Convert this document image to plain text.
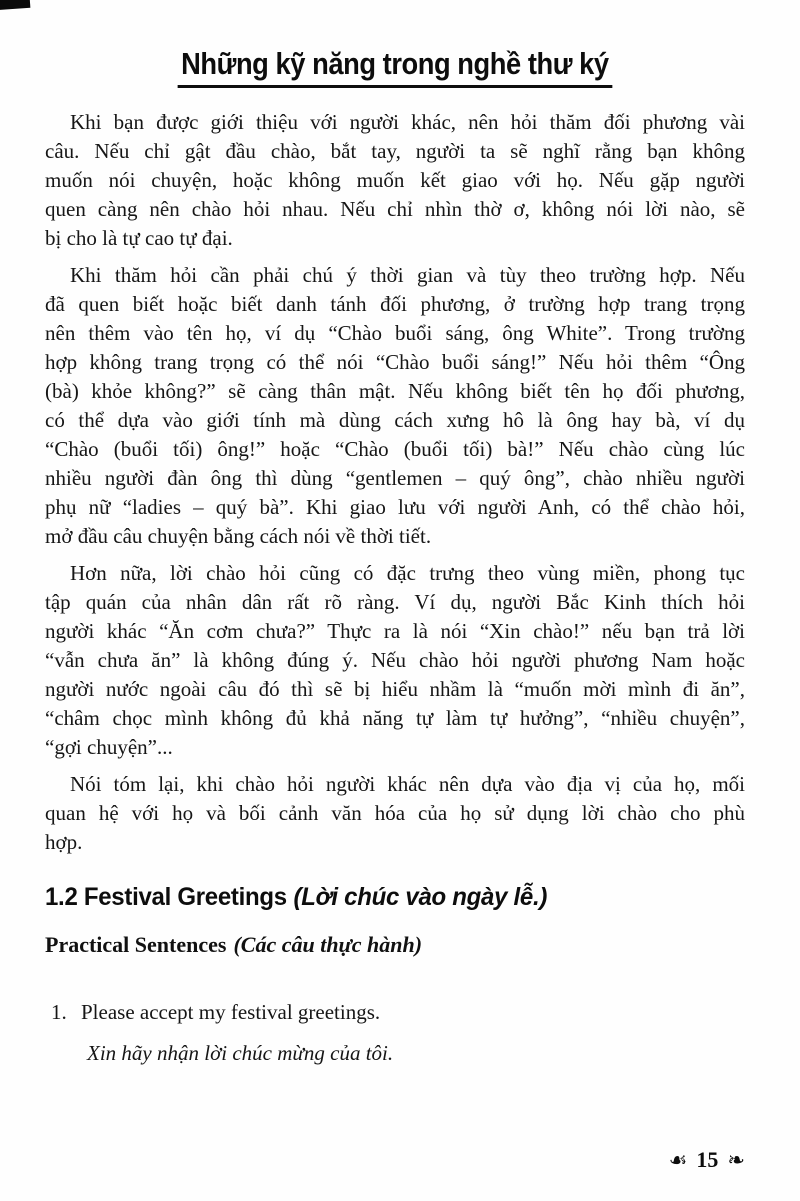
Những kỹ năng trong nghề thư ký
Khi bạn được giới thiệu với người khác, nên hỏi thăm đối phương vài
câu. Nếu chỉ gật đầu chào, bắt tay, người ta sẽ nghĩ rằng bạn không
muốn nói chuyện, hoặc không muốn kết giao với họ. Nếu gặp người
quen càng nên chào hỏi nhau. Nếu chỉ nhìn thờ ơ, không nói lời nào, sẽ
bị cho là tự cao tự đại.
Khi thăm hỏi cần phải chú ý thời gian và tùy theo trường hợp. Nếu
đã quen biết hoặc biết danh tánh đối phương, ở trường hợp trang trọng
nên thêm vào tên họ, ví dụ “Chào buổi sáng, ông White”. Trong trường
hợp không trang trọng có thể nói “Chào buổi sáng!” Nếu hỏi thêm “Ông
(bà) khỏe không?” sẽ càng thân mật. Nếu không biết tên họ đối phương,
có thể dựa vào giới tính mà dùng cách xưng hô là ông hay bà, ví dụ
“Chào (buổi tối) ông!” hoặc “Chào (buổi tối) bà!” Nếu chào cùng lúc
nhiều người đàn ông thì dùng “gentlemen – quý ông”, chào nhiều người
phụ nữ “ladies – quý bà”. Khi giao lưu với người Anh, có thể chào hỏi,
mở đầu câu chuyện bằng cách nói về thời tiết.
Hơn nữa, lời chào hỏi cũng có đặc trưng theo vùng miền, phong tục
tập quán của nhân dân rất rõ ràng. Ví dụ, người Bắc Kinh thích hỏi
người khác “Ăn cơm chưa?” Thực ra là nói “Xin chào!” nếu bạn trả lời
“vẫn chưa ăn” là không đúng ý. Nếu chào hỏi người phương Nam hoặc
người nước ngoài câu đó thì sẽ bị hiểu nhầm là “muốn mời mình đi ăn”,
“châm chọc mình không đủ khả năng tự làm tự hưởng”, “nhiều chuyện”,
“gợi chuyện”...
Nói tóm lại, khi chào hỏi người khác nên dựa vào địa vị của họ, mối
quan hệ với họ và bối cảnh văn hóa của họ sử dụng lời chào cho phù
hợp.
1.2 Festival Greetings (Lời chúc vào ngày lễ.)
Practical Sentences (Các câu thực hành)
1. Please accept my festival greetings.
Xin hãy nhận lời chúc mừng của tôi.
☙ 15 ❧
